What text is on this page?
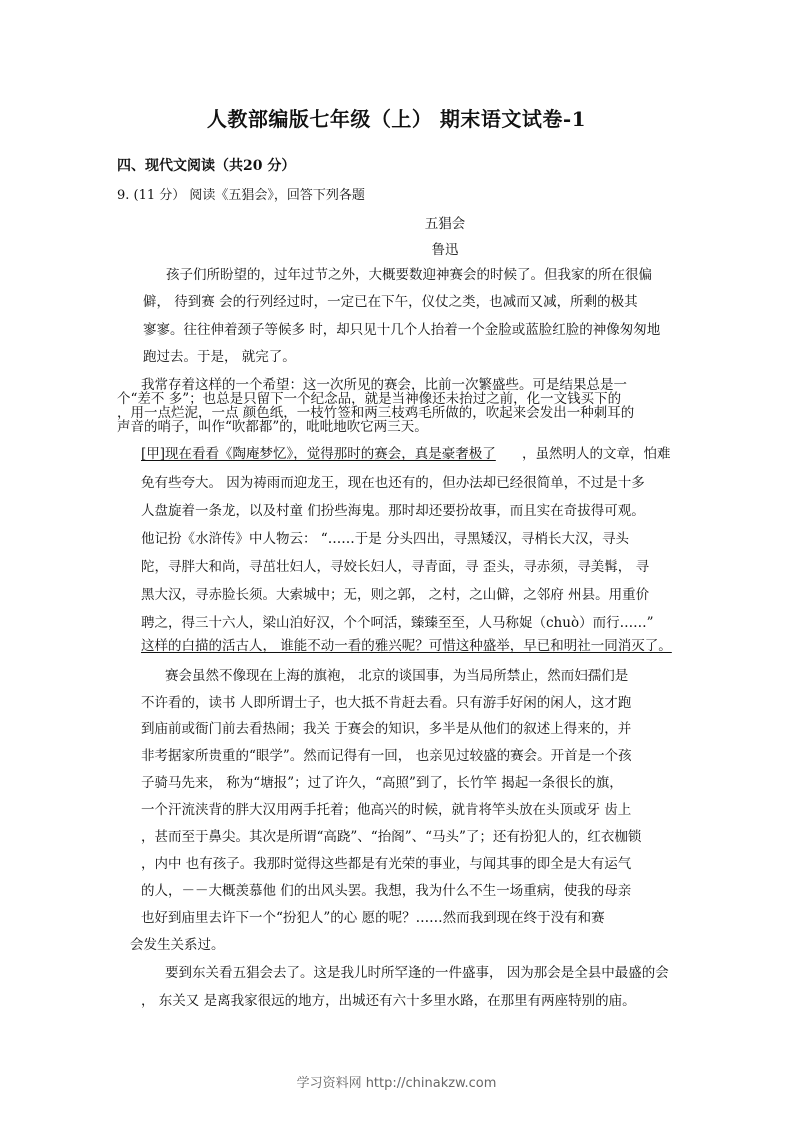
人教部编版七年级（上） 期末语文试卷-1
四、现代文阅读（共20 分）
9. (11 分） 阅读《五猖会》，回答下列各题
五猖会
鲁迅
孩子们所盼望的，过年过节之外，大概要数迎神赛会的时候了。但我家的所在很偏
僻， 待到赛 会的行列经过时，一定已在下午，仪仗之类，也减而又减，所剩的极其
寥寥。往往伸着颈子等候多 时，却只见十几个人抬着一个金脸或蓝脸红脸的神像匆匆地
跑过去。于是， 就完了。
我常存着这样的一个希望：这一次所见的赛会，比前一次繁盛些。可是结果总是一
个“差不 多”；也总是只留下一个纪念品，就是当神像还未抬过之前，化一文钱买下的
，用一点烂泥，一点 颜色纸，一枝竹签和两三枝鸡毛所做的，吹起来会发出一种刺耳的
声音的哨子，叫作“吹都都”的，吡吡地吹它两三天。
[甲]现在看看《陶庵梦忆》，觉得那时的赛会，真是豪奢极了 ，虽然明人的文章，怕难
免有些夸大。 因为祷雨而迎龙王，现在也还有的，但办法却已经很简单，不过是十多
人盘旋着一条龙，以及村童 们扮些海鬼。那时却还要扮故事，而且实在奇拔得可观。
他记扮《水浒传》中人物云： “……于是 分头四出，寻黑矮汉，寻梢长大汉，寻头
陀，寻胖大和尚，寻茁壮妇人，寻姣长妇人，寻青面，寻 歪头，寻赤须，寻美髯， 寻
黑大汉，寻赤脸长须。大索城中；无，则之郭， 之村，之山僻，之邻府 州县。用重价
聘之，得三十六人，梁山泊好汉，个个呵活，臻臻至至，人马称娖（chuò）而行……”
这样的白描的活古人， 谁能不动一看的雅兴呢？可惜这种盛举，早已和明社一同消灭了。
赛会虽然不像现在上海的旗袍， 北京的谈国事，为当局所禁止，然而妇孺们是
不许看的，读书 人即所谓士子，也大抵不肯赶去看。只有游手好闲的闲人，这才跑
到庙前或衙门前去看热闹；我关 于赛会的知识，多半是从他们的叙述上得来的，并
非考据家所贵重的“眼学”。然而记得有一回， 也亲见过较盛的赛会。开首是一个孩
子骑马先来， 称为“塘报”；过了许久，“高照”到了，长竹竿 揭起一条很长的旗，
一个汗流浃背的胖大汉用两手托着；他高兴的时候，就肯将竿头放在头顶或牙 齿上
，甚而至于鼻尖。其次是所谓“高跷”、“抬阁”、“马头”了；还有扮犯人的，红衣枷锁
，内中 也有孩子。我那时觉得这些都是有光荣的事业，与闻其事的即全是大有运气
的人，－－大概羡慕他 们的出风头罢。我想，我为什么不生一场重病，使我的母亲
也好到庙里去许下一个“扮犯人”的心 愿的呢？……然而我到现在终于没有和赛
会发生关系过。
要到东关看五猖会去了。这是我儿时所罕逢的一件盛事， 因为那会是全县中最盛的会
， 东关又 是离我家很远的地方，出城还有六十多里水路，在那里有两座特别的庙。
学习资料网 http://chinakzw.com
